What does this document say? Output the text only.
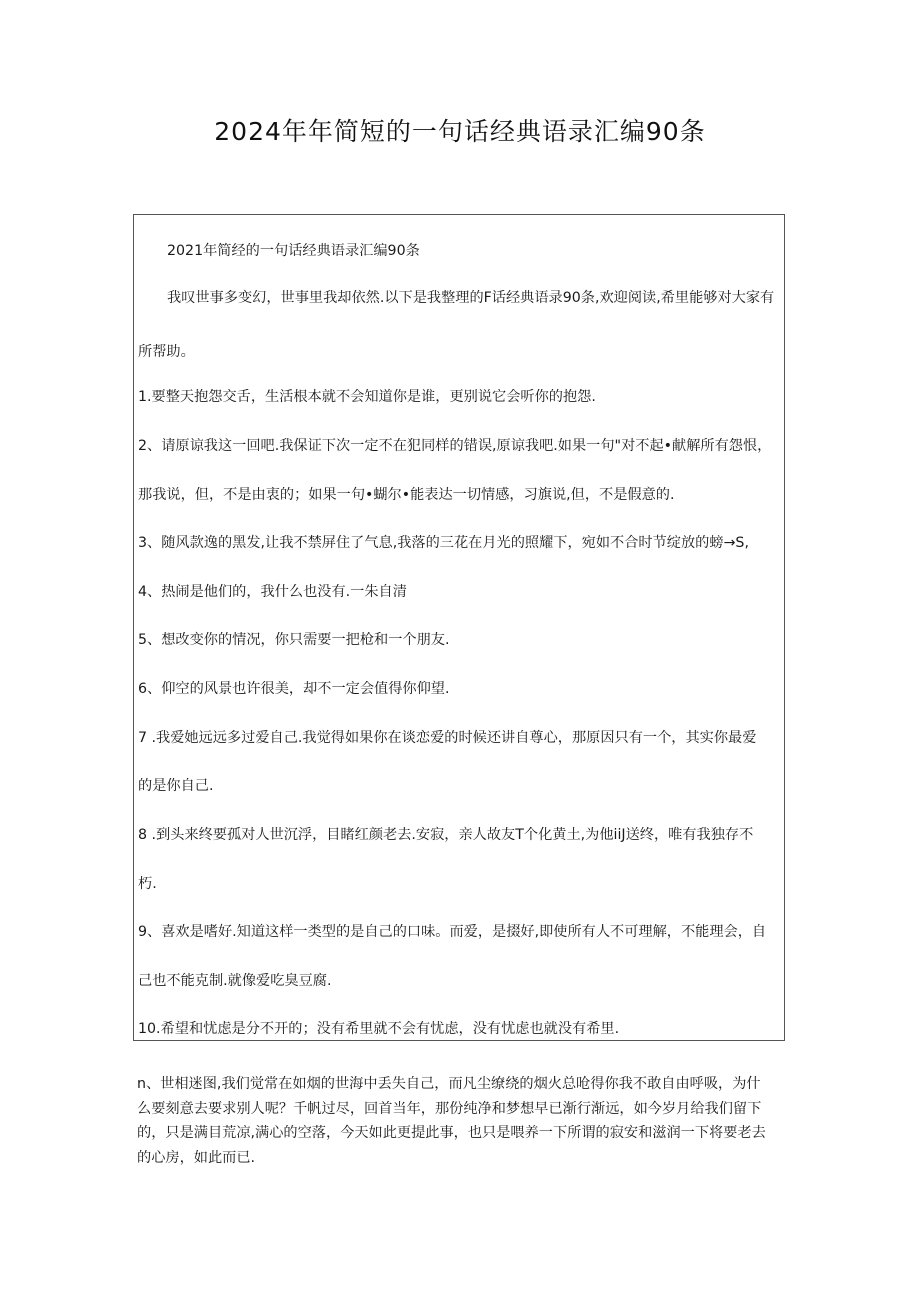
2024年年简短的一句话经典语录汇编90条
2021年简经的一句话经典语录汇编90条
我叹世事多变幻，世事里我却依然.以下是我整理的F话经典语录90条,欢迎阅读,希里能够对大家有
所帮助。
1.要整天抱怨交舌，生活根本就不会知道你是谁，更别说它会听你的抱怨.
2、请原谅我这一回吧.我保证下次一定不在犯同样的错误,原谅我吧.如果一句"对不起•献解所有怨恨，
那我说，但，不是由衷的；如果一句•蝴尔•能表达一切情感，习旗说,但，不是假意的.
3、随风款逸的黑发,让我不禁屏住了气息,我落的三花在月光的照耀下，宛如不合时节绽放的螃→S,
4、热闹是他们的，我什么也没有.一朱自清
5、想改变你的情况，你只需要一把枪和一个朋友.
6、仰空的风景也许很美，却不一定会值得你仰望.
7 .我爱她远远多过爱自己.我觉得如果你在谈恋爱的时候还讲自尊心，那原因只有一个，其实你最爱
的是你自己.
8 .到头来终要孤对人世沉浮，目睹红颜老去.安寂，亲人故友T个化黄土,为他iiJ送终，唯有我独存不
朽.
9、喜欢是嗜好.知道这样一类型的是自己的口味。而爱，是掇好,即使所有人不可理解，不能理会，自
己也不能克制.就像爱吃臭豆腐.
10.希望和忧虑是分不开的；没有希里就不会有忧虑，没有忧虑也就没有希里.
n、世相迷图,我们觉常在如烟的世海中丢失自己，而凡尘缭绕的烟火总呛得你我不敢自由呼吸，为什
么要刻意去要求别人呢？千帆过尽，回首当年，那份纯净和梦想早已渐行渐远，如今岁月给我们留下
的，只是满目荒凉,满心的空落，今天如此更提此事，也只是喂养一下所谓的寂安和滋润一下将要老去
的心房，如此而已.
